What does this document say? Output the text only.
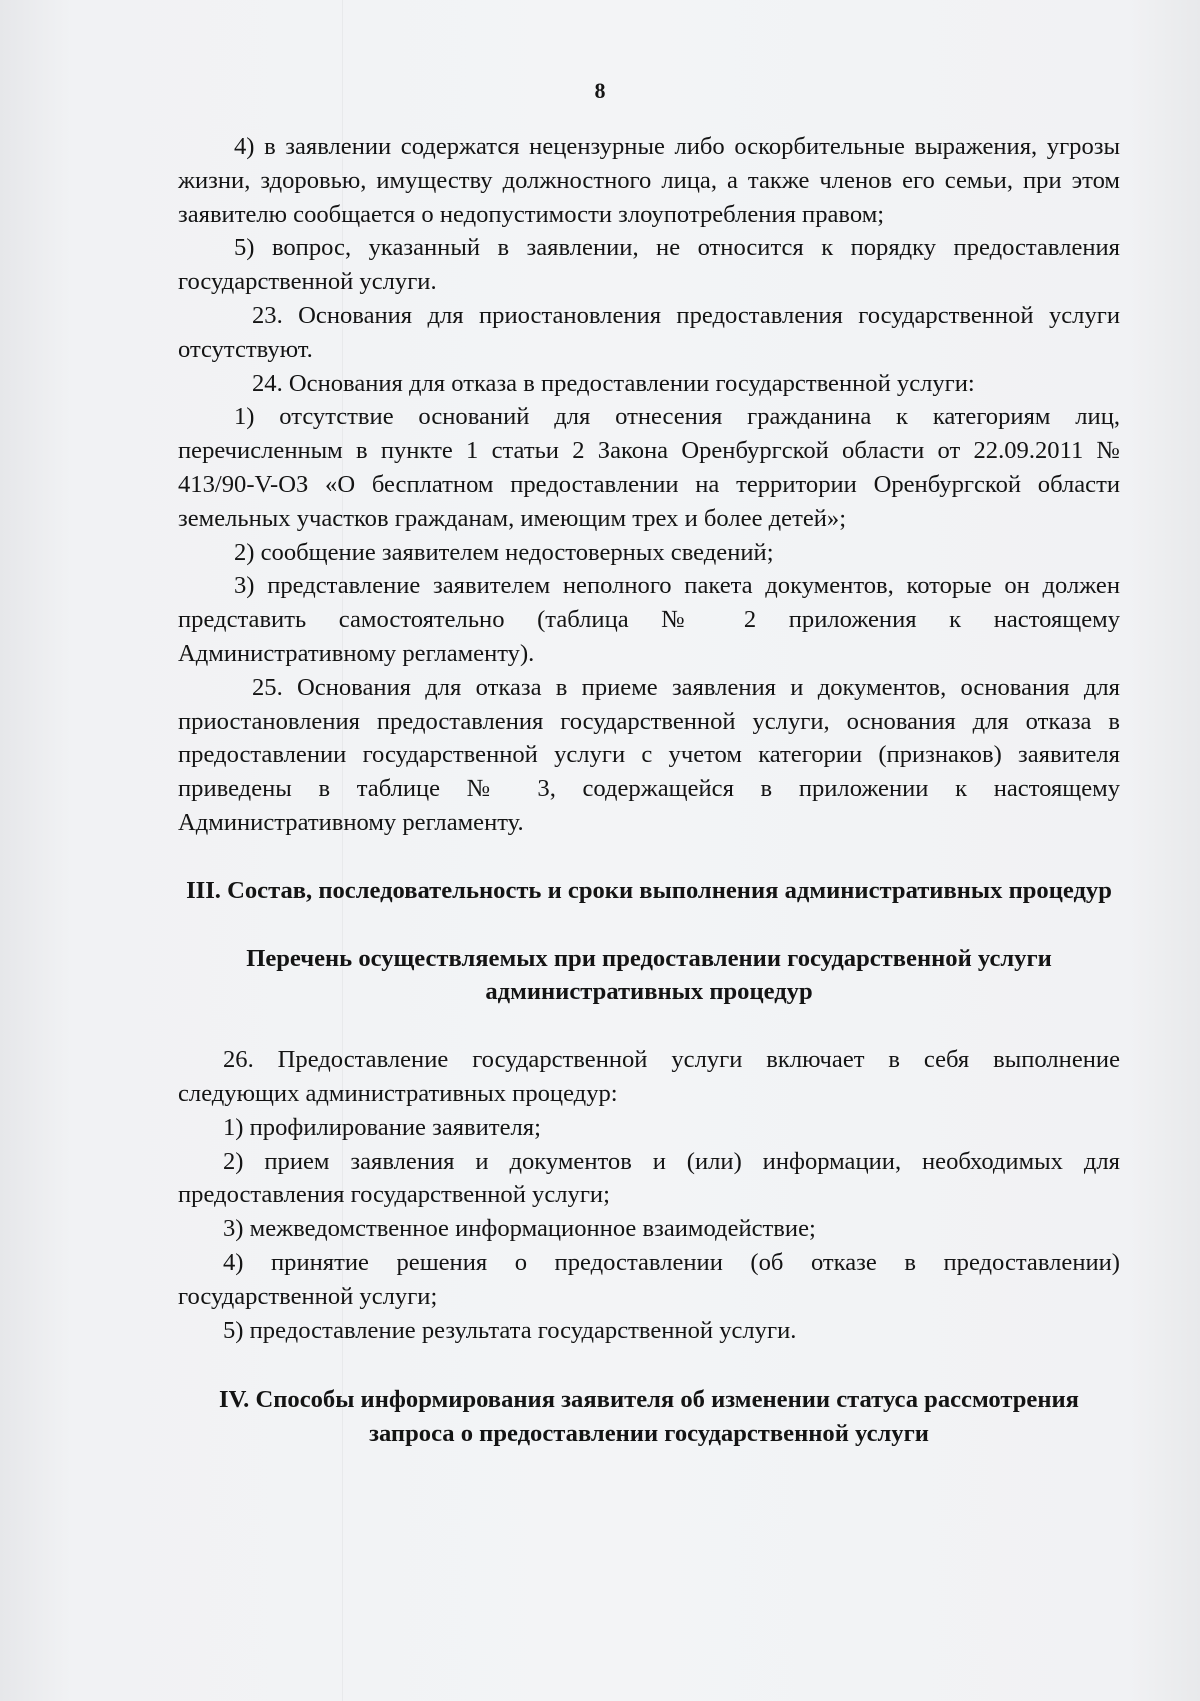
8

4) в заявлении содержатся нецензурные либо оскорбительные выражения, угрозы жизни, здоровью, имуществу должностного лица, а также членов его семьи, при этом заявителю сообщается о недопустимости злоупотребления правом;

5) вопрос, указанный в заявлении, не относится к порядку предоставления государственной услуги.

23. Основания для приостановления предоставления государственной услуги отсутствуют.

24. Основания для отказа в предоставлении государственной услуги:

1) отсутствие оснований для отнесения гражданина к категориям лиц, перечисленным в пункте 1 статьи 2 Закона Оренбургской области от 22.09.2011 № 413/90-V-ОЗ «О бесплатном предоставлении на территории Оренбургской области земельных участков гражданам, имеющим трех и более детей»;

2) сообщение заявителем недостоверных сведений;

3) представление заявителем неполного пакета документов, которые он должен представить самостоятельно (таблица № 2 приложения к настоящему Административному регламенту).

25. Основания для отказа в приеме заявления и документов, основания для приостановления предоставления государственной услуги, основания для отказа в предоставлении государственной услуги с учетом категории (признаков) заявителя приведены в таблице № 3, содержащейся в приложении к настоящему Административному регламенту.

III. Состав, последовательность и сроки выполнения административных процедур
Перечень осуществляемых при предоставлении государственной услуги административных процедур

26. Предоставление государственной услуги включает в себя выполнение следующих административных процедур:

1) профилирование заявителя;

2) прием заявления и документов и (или) информации, необходимых для предоставления государственной услуги;

3) межведомственное информационное взаимодействие;

4) принятие решения о предоставлении (об отказе в предоставлении) государственной услуги;

5) предоставление результата государственной услуги.

IV. Способы информирования заявителя об изменении статуса рассмотрения запроса о предоставлении государственной услуги
